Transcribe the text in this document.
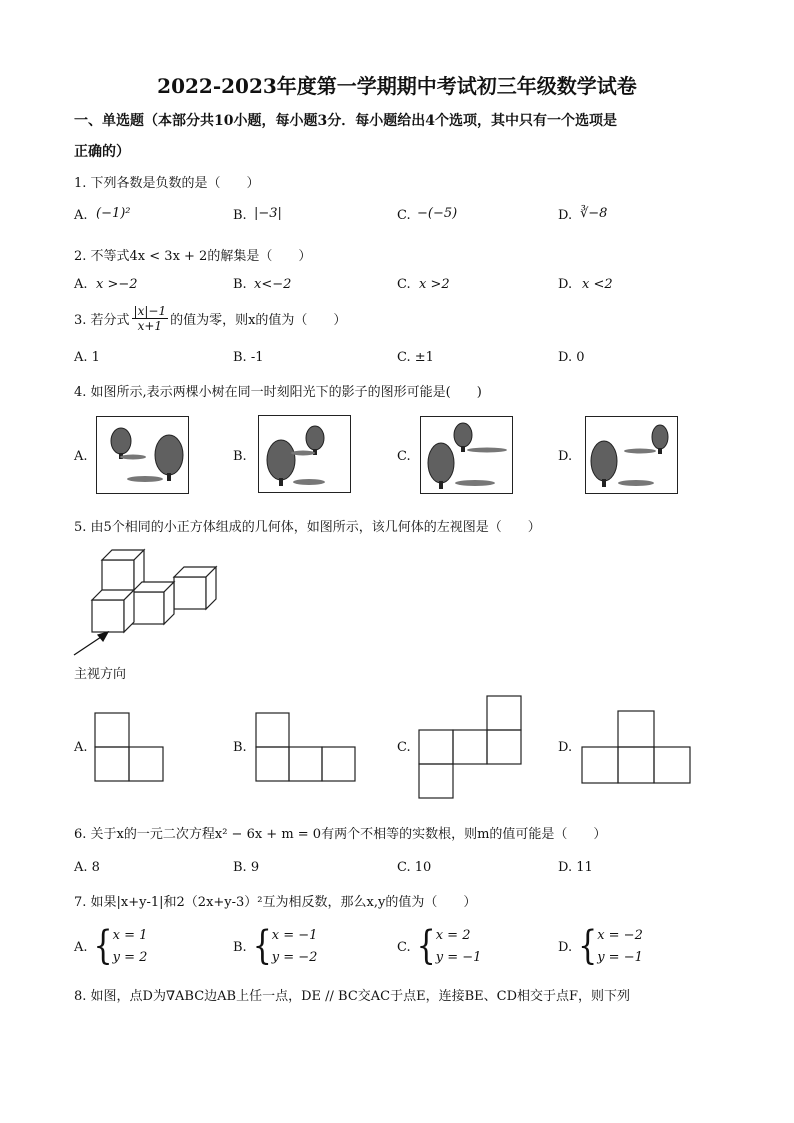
2022-2023年度第一学期期中考试初三年级数学试卷
一、单选题（本部分共10小题，每小题3分．每小题给出4个选项，其中只有一个选项是
正确的）
1. 下列各数是负数的是（　　）
A. (−1)²	B. |−3|	C. −(−5)	D. ∛−8
2. 不等式4x < 3x + 2的解集是（　　）
A. x >−2	B. x<−2	C. x >2	D. x <2
3. 若分式 $\frac{|x|-1}{x+1}$ 的值为零，则x的值为（　　）
A. 1	B. -1	C. ±1	D. 0
4. 如图所示,表示两棵小树在同一时刻阳光下的影子的图形可能是(　　)
A.	B.	C.	D.
5. 由5个相同的小正方体组成的几何体，如图所示，该几何体的左视图是（　　）
主视方向
A.	B.	C.	D.
6. 关于x的一元二次方程x² − 6x + m = 0有两个不相等的实数根，则m的值可能是（　　）
A. 8	B. 9	C. 10	D. 11
7. 如果|x+y-1|和2（2x+y-3）²互为相反数，那么x,y的值为（　　）
A. { x = 1
y = 2
B. { x = −1
y = −2
C. { x = 2
y = −1
D. { x = −2
y = −1
8. 如图，点D为∇ABC边AB上任一点，DE // BC交AC于点E，连接BE、CD相交于点F，则下列
